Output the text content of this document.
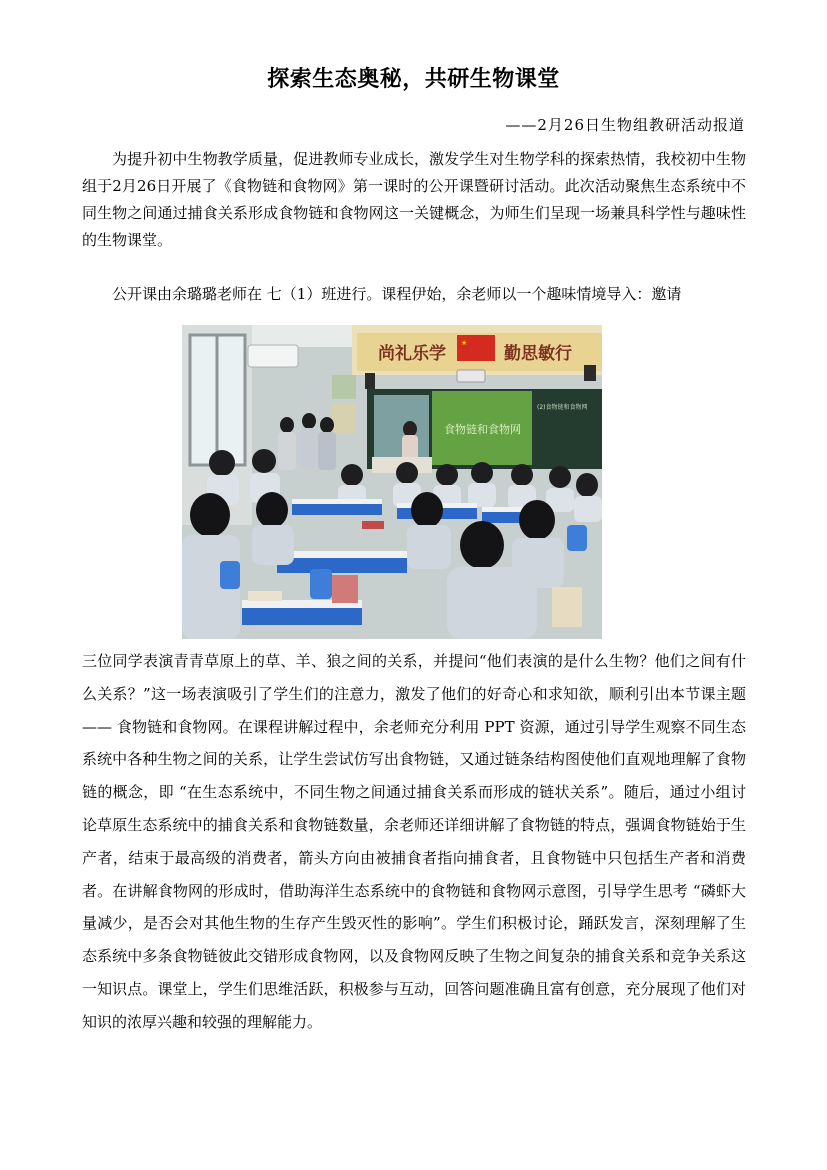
探索生态奥秘，共研生物课堂
——2月26日生物组教研活动报道

为提升初中生物教学质量，促进教师专业成长，激发学生对生物学科的探索热情，我校初中生物组于2月26日开展了《食物链和食物网》第一课时的公开课暨研讨活动。此次活动聚焦生态系统中不同生物之间通过捕食关系形成食物链和食物网这一关键概念，为师生们呈现一场兼具科学性与趣味性的生物课堂。

公开课由余璐璐老师在 七（1）班进行。课程伊始，余老师以一个趣味情境导入：邀请

尚礼乐学
★
勤思敏行
食物链和食物网
(2)食物链和食物网

三位同学表演青青草原上的草、羊、狼之间的关系，并提问“他们表演的是什么生物？他们之间有什么关系？”这一场表演吸引了学生们的注意力，激发了他们的好奇心和求知欲，顺利引出本节课主题 —— 食物链和食物网。在课程讲解过程中，余老师充分利用 PPT 资源，通过引导学生观察不同生态系统中各种生物之间的关系，让学生尝试仿写出食物链，又通过链条结构图使他们直观地理解了食物链的概念，即 “在生态系统中，不同生物之间通过捕食关系而形成的链状关系”。随后，通过小组讨论草原生态系统中的捕食关系和食物链数量，余老师还详细讲解了食物链的特点，强调食物链始于生产者，结束于最高级的消费者，箭头方向由被捕食者指向捕食者，且食物链中只包括生产者和消费者。在讲解食物网的形成时，借助海洋生态系统中的食物链和食物网示意图，引导学生思考 “磷虾大量减少，是否会对其他生物的生存产生毁灭性的影响”。学生们积极讨论，踊跃发言，深刻理解了生态系统中多条食物链彼此交错形成食物网，以及食物网反映了生物之间复杂的捕食关系和竞争关系这一知识点。课堂上，学生们思维活跃，积极参与互动，回答问题准确且富有创意，充分展现了他们对知识的浓厚兴趣和较强的理解能力。
